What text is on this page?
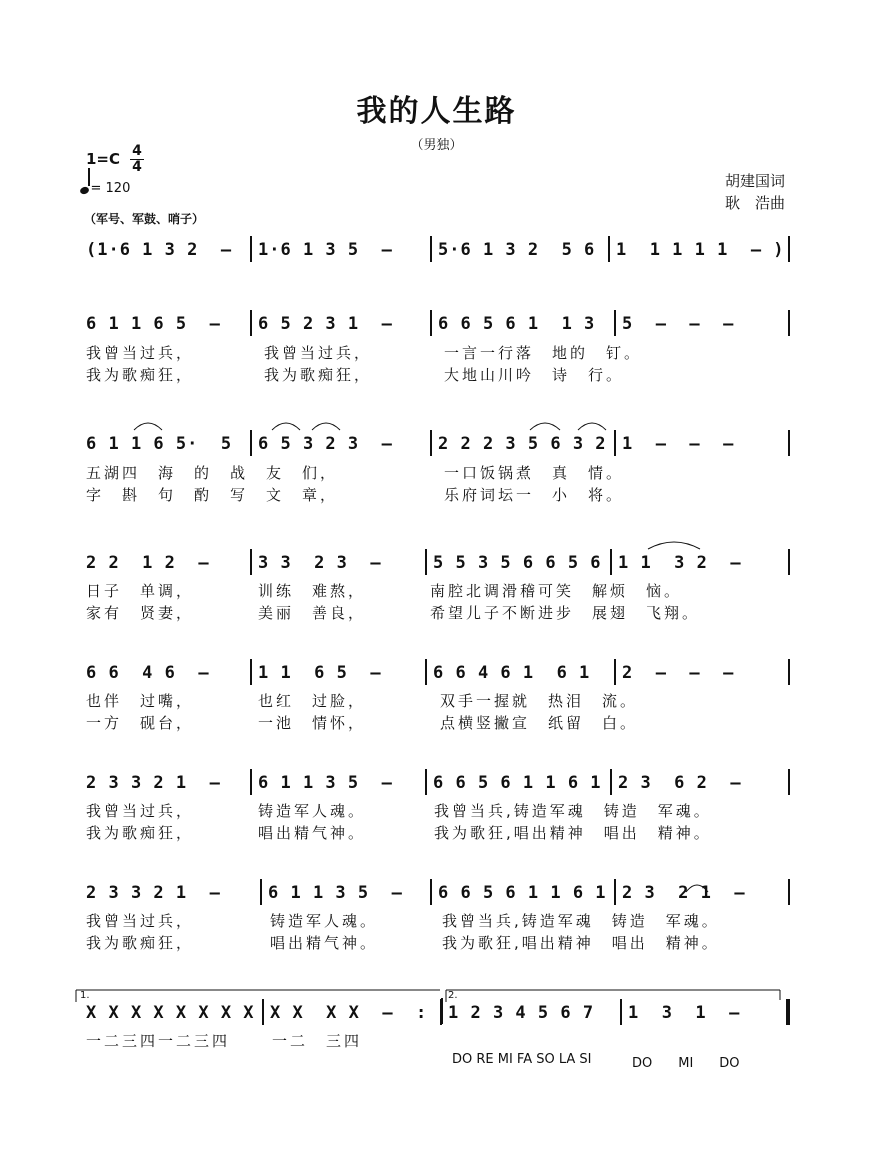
我的人生路
（男独）
1=C 4
4
= 120	胡建国词
耿　浩曲
（军号、军鼓、哨子）
(1·6 1 3 2  –	1·6 1 3 5  –	5·6 1 3 2  5 6	1  1 1 1 1  – )
6 1 1 6 5  –	6 5 2 3 1  –	6 6 5 6 1  1 3	5  –  –  –
我曾当过兵，	我曾当过兵，	一言一行落　地的　钉。
我为歌痴狂，	我为歌痴狂，	大地山川吟　诗　行。
6 1 1 6 5·  5	6 5 3 2 3  –	2 2 2 3 5 6 3 2 1  –  –  –
五湖四　海　的　战　友　们，	一口饭锅煮　真　情。
字　斟　句　酌　写　文　章，	乐府词坛一　小　将。
2 2  1 2  –	3 3  2 3  –	5 5 3 5 6 6 5 6 1 1  3 2  –
日子　单调，	训练　难熬，	南腔北调滑稽可笑　解烦　恼。
家有　贤妻，	美丽　善良，	希望儿子不断进步　展翅　飞翔。
6 6  4 6  –	1 1  6 5  –	6 6 4 6 1  6 1	2  –  –  –
也伴　过嘴，	也红　过脸，	双手一握就　热泪　流。
一方　砚台，	一池　情怀，	点横竖撇宣　纸留　白。
2 3 3 2 1  –	6 1 1 3 5  –	6 6 5 6 1 1 6 1 2 3  6 2  –
我曾当过兵，	铸造军人魂。	我曾当兵,铸造军魂　铸造　军魂。
我为歌痴狂，	唱出精气神。	我为歌狂,唱出精神　唱出　精神。
2 3 3 2 1  –	6 1 1 3 5  –	6 6 5 6 1 1 6 1 2 3  2 1  –
我曾当过兵，	铸造军人魂。	我曾当兵,铸造军魂　铸造　军魂。
我为歌痴狂，	唱出精气神。	我为歌狂,唱出精神　唱出　精神。
X X X X X X X X X X  X X  –  :	1 2 3 4 5 6 7	1  3  1  –
一二三四一二三四	一二　三四
DO RE MI FA SO LA SI	DO　　MI　　DO
1.	2.
